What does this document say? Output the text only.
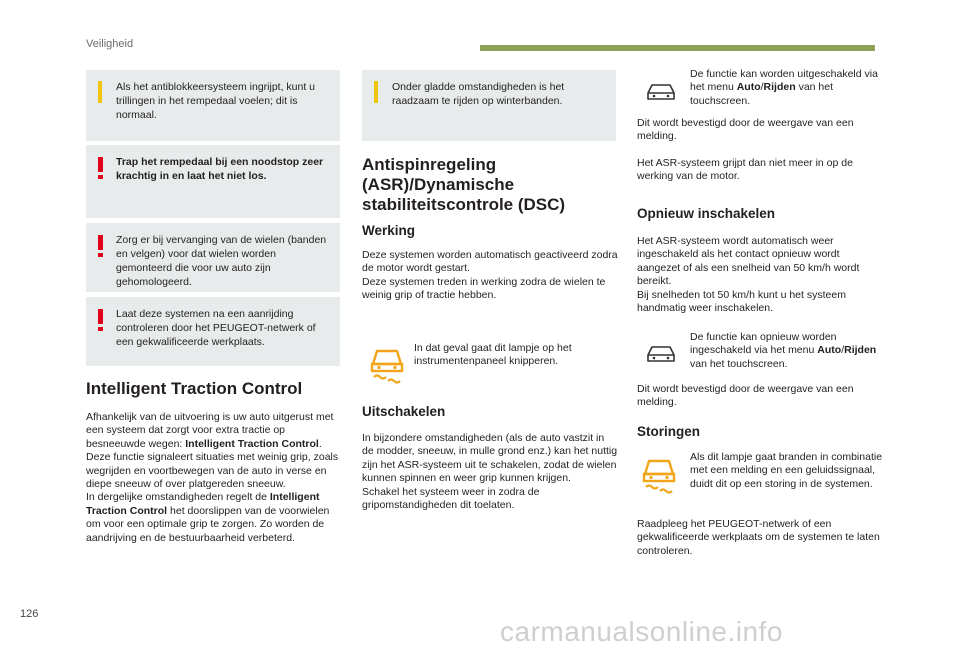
Veiligheid
Als het antiblokkeersysteem ingrijpt, kunt u trillingen in het rempedaal voelen; dit is normaal.
Trap het rempedaal bij een noodstop zeer krachtig in en laat het niet los.
Zorg er bij vervanging van de wielen (banden en velgen) voor dat wielen worden gemonteerd die voor uw auto zijn gehomologeerd.
Laat deze systemen na een aanrijding controleren door het PEUGEOT-netwerk of een gekwalificeerde werkplaats.
Intelligent Traction Control
Afhankelijk van de uitvoering is uw auto uitgerust met een systeem dat zorgt voor extra tractie op besneeuwde wegen: Intelligent Traction Control.
Deze functie signaleert situaties met weinig grip, zoals wegrijden en voortbewegen van de auto in verse en diepe sneeuw of over platgereden sneeuw.
In dergelijke omstandigheden regelt de Intelligent Traction Control het doorslippen van de voorwielen om voor een optimale grip te zorgen. Zo worden de aandrijving en de bestuurbaarheid verbeterd.
Onder gladde omstandigheden is het raadzaam te rijden op winterbanden.
Antispinregeling (ASR)/Dynamische stabiliteitscontrole (DSC)
Werking
Deze systemen worden automatisch geactiveerd zodra de motor wordt gestart.
Deze systemen treden in werking zodra de wielen te weinig grip of tractie hebben.
In dat geval gaat dit lampje op het instrumentenpaneel knipperen.
Uitschakelen
In bijzondere omstandigheden (als de auto vastzit in de modder, sneeuw, in mulle grond enz.) kan het nuttig zijn het ASR-systeem uit te schakelen, zodat de wielen kunnen spinnen en weer grip kunnen krijgen.
Schakel het systeem weer in zodra de gripomstandigheden dit toelaten.
De functie kan worden uitgeschakeld via het menu Auto/Rijden van het touchscreen.
Dit wordt bevestigd door de weergave van een melding.
Het ASR-systeem grijpt dan niet meer in op de werking van de motor.
Opnieuw inschakelen
Het ASR-systeem wordt automatisch weer ingeschakeld als het contact opnieuw wordt aangezet of als een snelheid van 50 km/h wordt bereikt.
Bij snelheden tot 50 km/h kunt u het systeem handmatig weer inschakelen.
De functie kan opnieuw worden ingeschakeld via het menu Auto/Rijden van het touchscreen.
Dit wordt bevestigd door de weergave van een melding.
Storingen
Als dit lampje gaat branden in combinatie met een melding en een geluidssignaal, duidt dit op een storing in de systemen.
Raadpleeg het PEUGEOT-netwerk of een gekwalificeerde werkplaats om de systemen te laten controleren.
126
carmanualsonline.info
